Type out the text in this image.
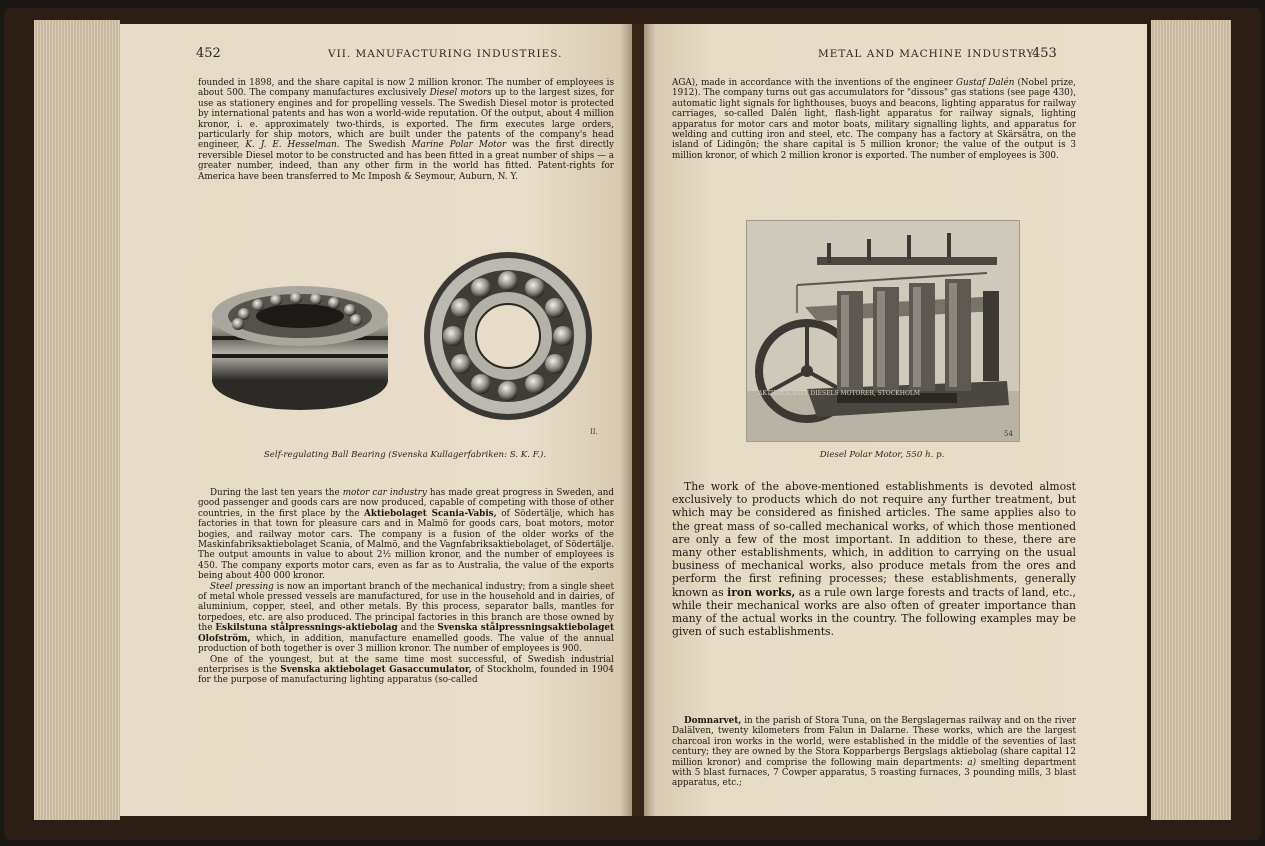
452	VII. MANUFACTURING INDUSTRIES.

founded in 1898, and the share capital is now 2 million kronor. The number of employees is about 500. The company manufactures exclusively Diesel motors up to the largest sizes, for use as stationery engines and for propelling vessels. The Swedish Diesel motor is protected by international patents and has won a world-wide reputation. Of the output, about 4 million kronor, i. e. approximately two-thirds, is exported. The firm executes large orders, particularly for ship motors, which are built under the patents of the company's head engineer, K. J. E. Hesselman. The Swedish Marine Polar Motor was the first directly reversible Diesel motor to be constructed and has been fitted in a great number of ships — a greater number, indeed, than any other firm in the world has fitted. Patent-rights for America have been transferred to Mc Imposh & Seymour, Auburn, N. Y.

II.
Self-regulating Ball Bearing (Svenska Kullagerfabriken: S. K. F.).

During the last ten years the motor car industry has made great progress in Sweden, and good passenger and goods cars are now produced, capable of competing with those of other countries, in the first place by the Aktiebolaget Scania-Vabis, of Södertälje, which has factories in that town for pleasure cars and in Malmö for goods cars, boat motors, motor bogies, and railway motor cars. The company is a fusion of the older works of the Maskinfabriksaktiebolaget Scania, of Malmö, and the Vagnfabriksaktiebolaget, of Södertälje. The output amounts in value to about 2½ million kronor, and the number of employees is 450. The company exports motor cars, even as far as to Australia, the value of the exports being about 400 000 kronor.

Steel pressing is now an important branch of the mechanical industry; from a single sheet of metal whole pressed vessels are manufactured, for use in the household and in dairies, of aluminium, copper, steel, and other metals. By this process, separator balls, mantles for torpedoes, etc. are also produced. The principal factories in this branch are those owned by the Eskilstuna stålpressnings-aktiebolag and the Svenska stålpressningsaktiebolaget Olofström, which, in addition, manufacture enamelled goods. The value of the annual production of both together is over 3 million kronor. The number of employees is 900.

One of the youngest, but at the same time most successful, of Swedish industrial enterprises is the Svenska aktiebolaget Gasaccumulator, of Stockholm, founded in 1904 for the purpose of manufacturing lighting apparatus (so-called

METAL AND MACHINE INDUSTRY.
453

AGA), made in accordance with the inventions of the engineer Gustaf Dalén (Nobel prize, 1912). The company turns out gas accumulators for "dissous" gas stations (see page 430), automatic light signals for lighthouses, buoys and beacons, lighting apparatus for railway carriages, so-called Dalén light, flash-light apparatus for railway signals, lighting apparatus for motor cars and motor boats, military signalling lights, and apparatus for welding and cutting iron and steel, etc. The company has a factory at Skärsätra, on the island of Lidingön; the share capital is 5 million kronor; the value of the output is 3 million kronor, of which 2 million kronor is exported. The number of employees is 300.

AKTIEBOLAGET DIESELS MOTORER, STOCKHOLM
54
Diesel Polar Motor, 550 h. p.

The work of the above-mentioned establishments is devoted almost exclusively to products which do not require any further treatment, but which may be considered as finished articles. The same applies also to the great mass of so-called mechanical works, of which those mentioned are only a few of the most important. In addition to these, there are many other establishments, which, in addition to carrying on the usual business of mechanical works, also produce metals from the ores and perform the first refining processes; these establishments, generally known as iron works, as a rule own large forests and tracts of land, etc., while their mechanical works are also often of greater importance than many of the actual works in the country. The following examples may be given of such establishments.

Domnarvet, in the parish of Stora Tuna, on the Bergslagernas railway and on the river Dalälven, twenty kilometers from Falun in Dalarne. These works, which are the largest charcoal iron works in the world, were established in the middle of the seventies of last century; they are owned by the Stora Kopparbergs Bergslags aktiebolag (share capital 12 million kronor) and comprise the following main departments: a) smelting department with 5 blast furnaces, 7 Cowper apparatus, 5 roasting furnaces, 3 pounding mills, 3 blast apparatus, etc.;
